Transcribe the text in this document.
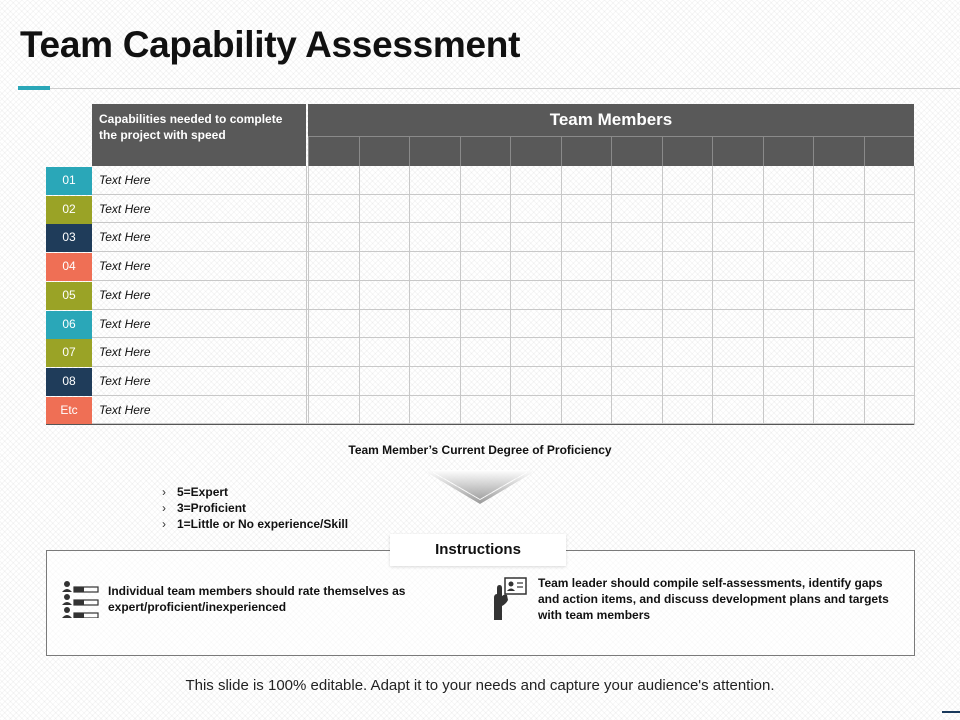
Team Capability Assessment
Capabilities needed to complete the project with speed
Team Members
01	Text Here
02	Text Here
03	Text Here
04	Text Here
05	Text Here
06	Text Here
07	Text Here
08	Text Here
Etc	Text Here
Team Member’s Current Degree of Proficiency
› 5=Expert
› 3=Proficient
› 1=Little or No experience/Skill
Instructions
Individual team members should rate themselves as expert/proficient/inexperienced
Team leader should compile self-assessments, identify gaps and action items, and discuss development plans and targets with team members
This slide is 100% editable. Adapt it to your needs and capture your audience's attention.
